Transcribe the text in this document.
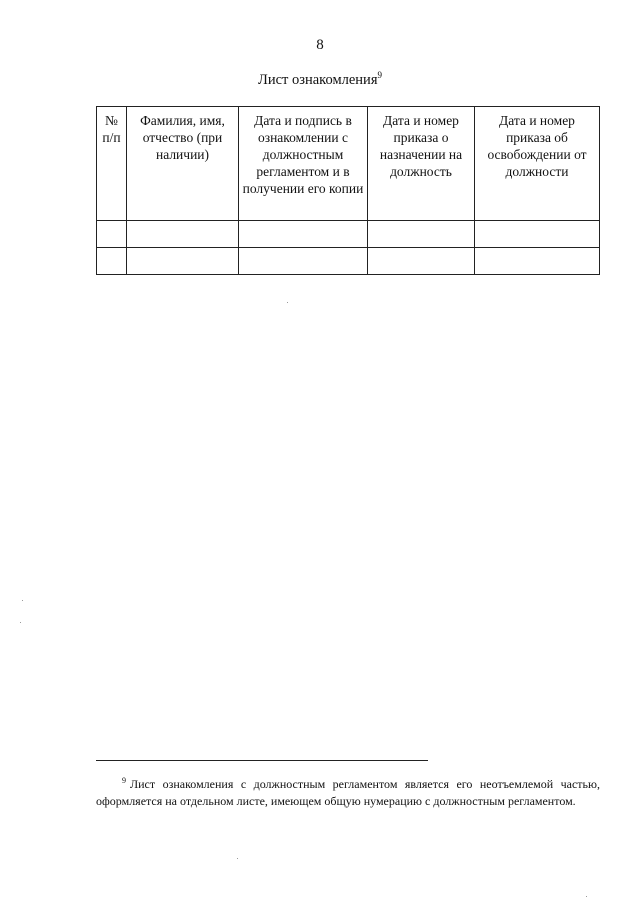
8
Лист ознакомления$^9$
№ п/п	Фамилия, имя, отчество (при наличии)	Дата и подпись в ознакомлении с должностным регламентом и в получении его копии	Дата и номер приказа о назначении на должность	Дата и номер приказа об освобождении от должности

$^9$ Лист ознакомления с должностным регламентом является его неотъемлемой частью, оформляется на отдельном листе, имеющем общую нумерацию с должностным регламентом.
